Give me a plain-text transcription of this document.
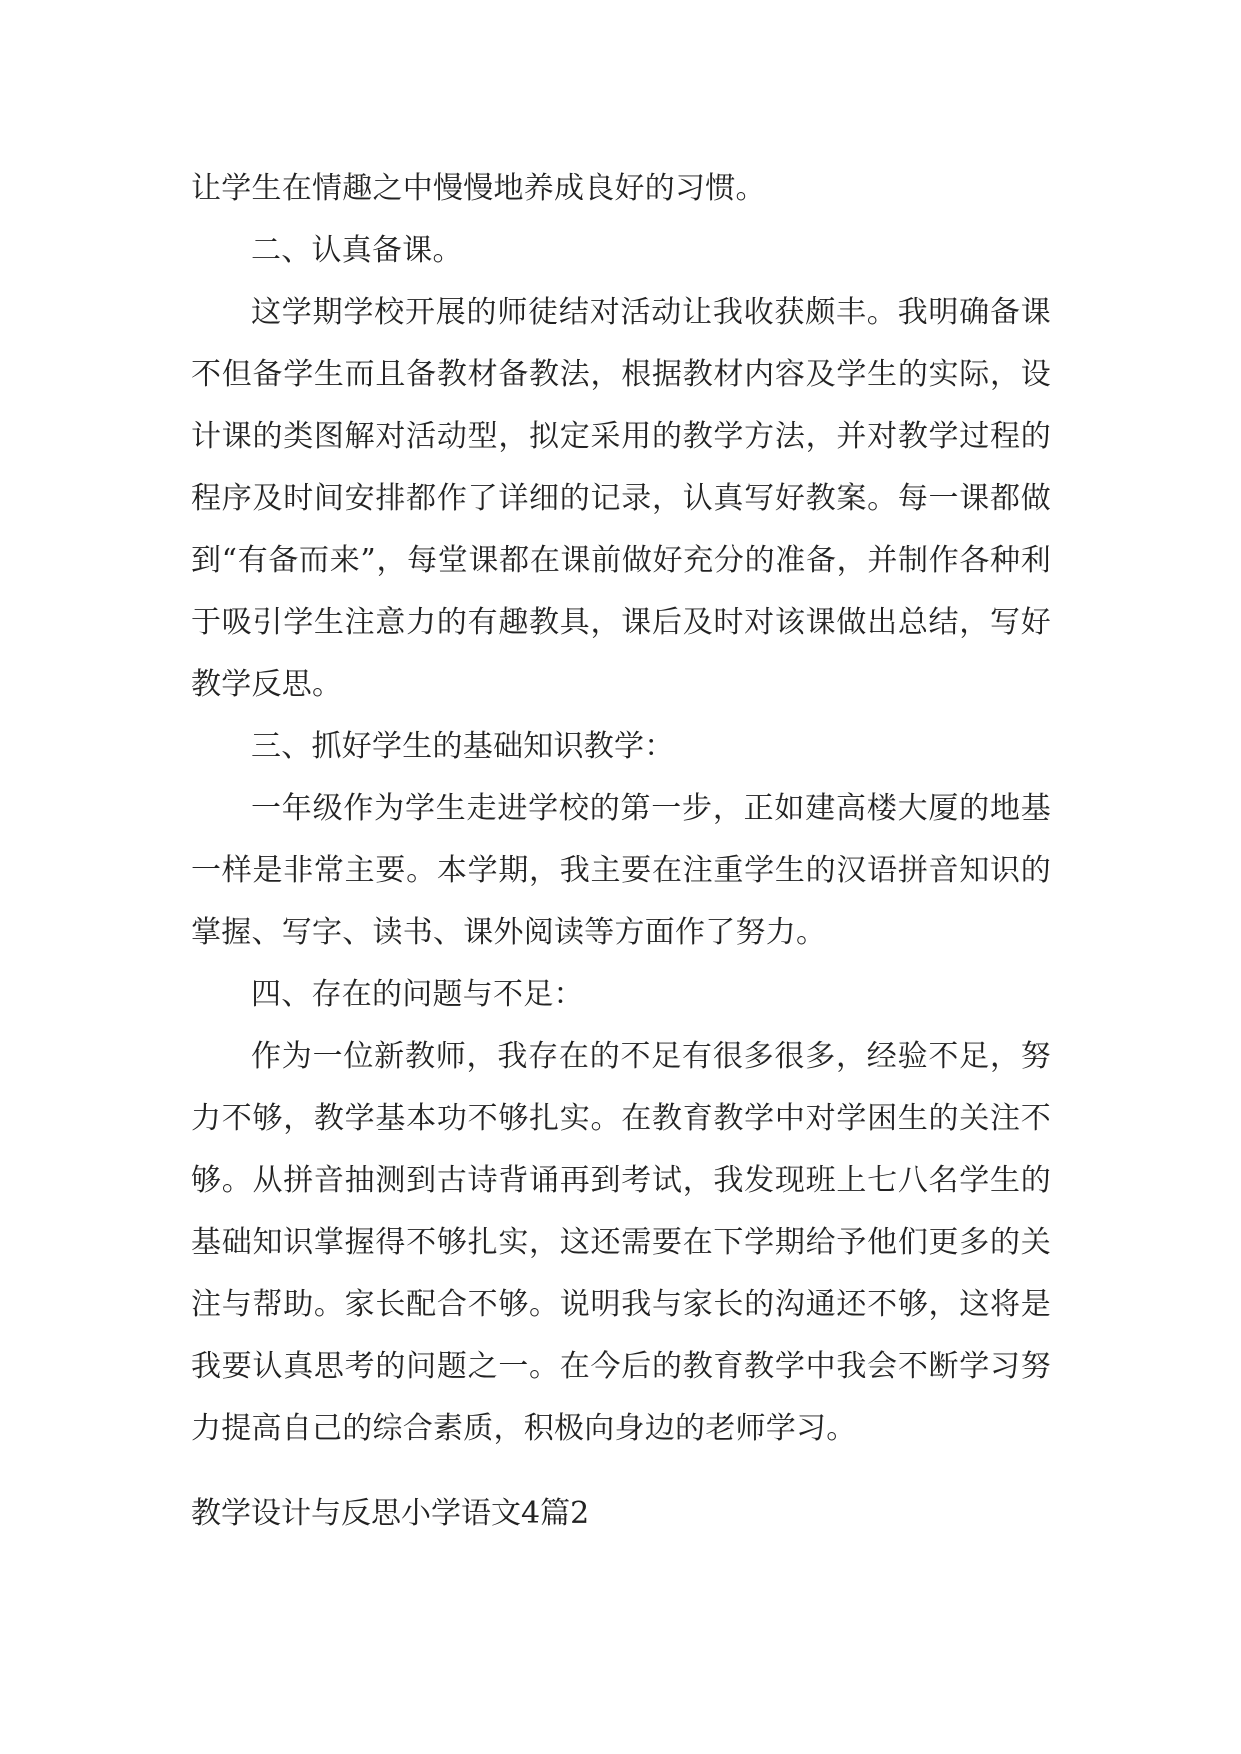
让学生在情趣之中慢慢地养成良好的习惯。

二、认真备课。

这学期学校开展的师徒结对活动让我收获颇丰。我明确备课不但备学生而且备教材备教法，根据教材内容及学生的实际，设计课的类图解对活动型，拟定采用的教学方法，并对教学过程的程序及时间安排都作了详细的记录，认真写好教案。每一课都做到“有备而来”，每堂课都在课前做好充分的准备，并制作各种利于吸引学生注意力的有趣教具，课后及时对该课做出总结，写好教学反思。

三、抓好学生的基础知识教学：

一年级作为学生走进学校的第一步，正如建高楼大厦的地基一样是非常主要。本学期，我主要在注重学生的汉语拼音知识的掌握、写字、读书、课外阅读等方面作了努力。

四、存在的问题与不足：

作为一位新教师，我存在的不足有很多很多，经验不足，努力不够，教学基本功不够扎实。在教育教学中对学困生的关注不够。从拼音抽测到古诗背诵再到考试，我发现班上七八名学生的基础知识掌握得不够扎实，这还需要在下学期给予他们更多的关注与帮助。家长配合不够。说明我与家长的沟通还不够，这将是我要认真思考的问题之一。在今后的教育教学中我会不断学习努力提高自己的综合素质，积极向身边的老师学习。

教学设计与反思小学语文4篇2
